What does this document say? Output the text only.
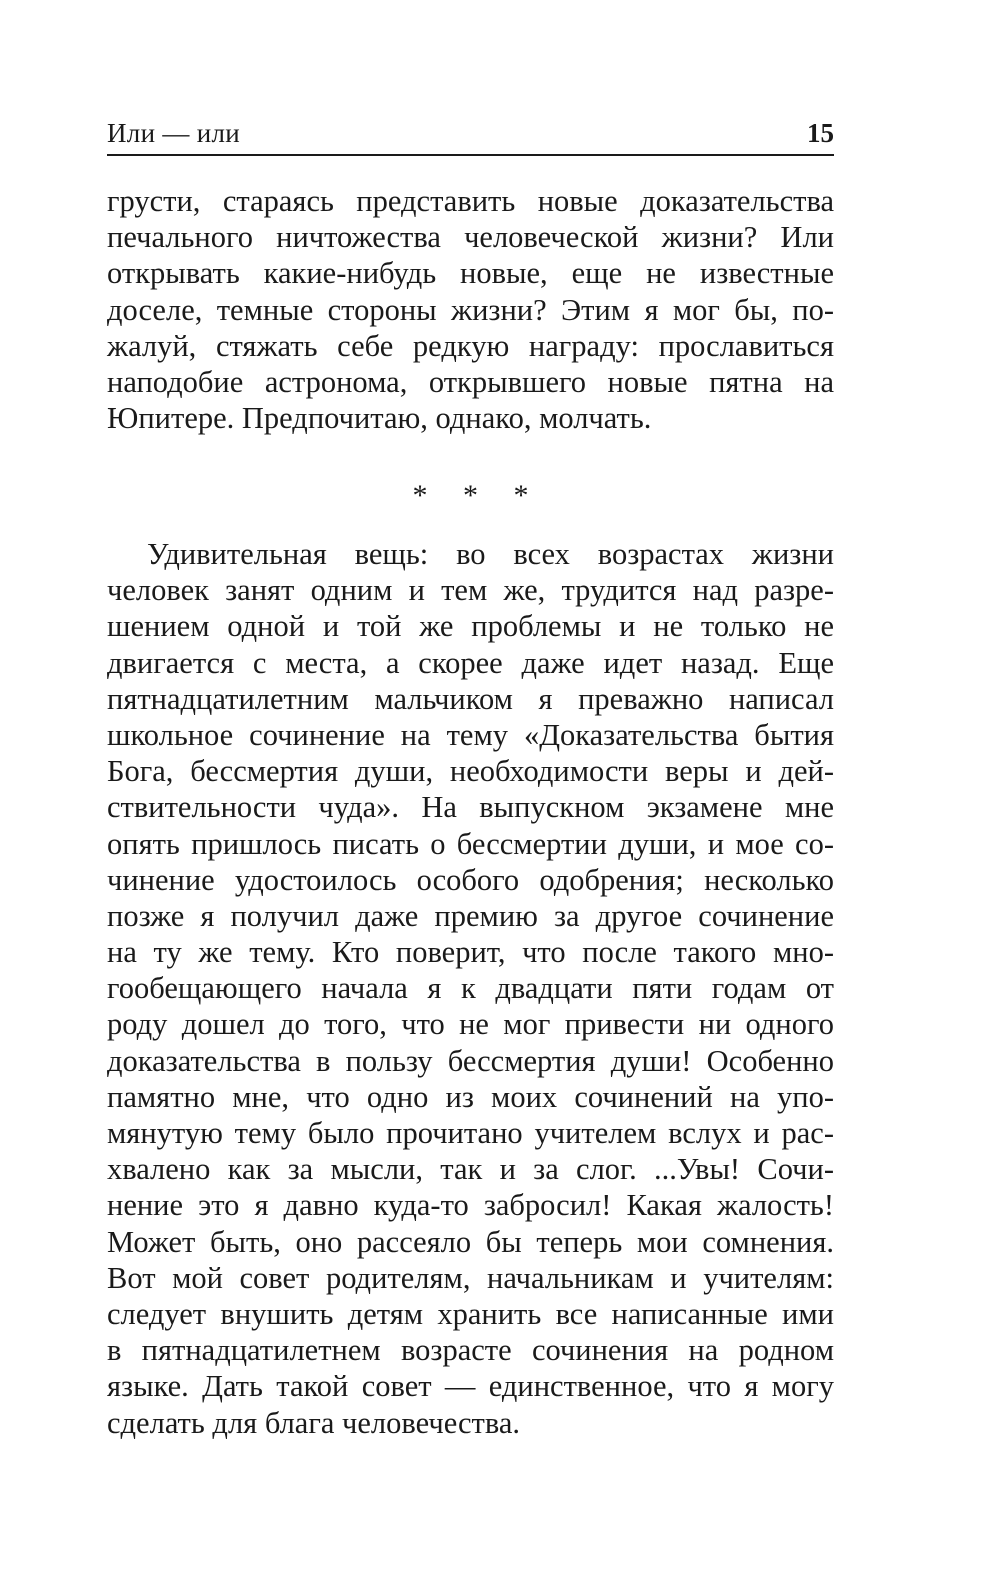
Или — или	15
грусти, стараясь представить новые доказательства
печального ничтожества человеческой жизни? Или
открывать какие-нибудь новые, еще не известные
доселе, темные стороны жизни? Этим я мог бы, по-
жалуй, стяжать себе редкую награду: прославиться
наподобие астронома, открывшего новые пятна на
Юпитере. Предпочитаю, однако, молчать.
* * *
Удивительная вещь: во всех возрастах жизни
человек занят одним и тем же, трудится над разре-
шением одной и той же проблемы и не только не
двигается с места, а скорее даже идет назад. Еще
пятнадцатилетним мальчиком я преважно написал
школьное сочинение на тему «Доказательства бытия
Бога, бессмертия души, необходимости веры и дей-
ствительности чуда». На выпускном экзамене мне
опять пришлось писать о бессмертии души, и мое со-
чинение удостоилось особого одобрения; несколько
позже я получил даже премию за другое сочинение
на ту же тему. Кто поверит, что после такого мно-
гообещающего начала я к двадцати пяти годам от
роду дошел до того, что не мог привести ни одного
доказательства в пользу бессмертия души! Особенно
памятно мне, что одно из моих сочинений на упо-
мянутую тему было прочитано учителем вслух и рас-
хвалено как за мысли, так и за слог. ...Увы! Сочи-
нение это я давно куда-то забросил! Какая жалость!
Может быть, оно рассеяло бы теперь мои сомнения.
Вот мой совет родителям, начальникам и учителям:
следует внушить детям хранить все написанные ими
в пятнадцатилетнем возрасте сочинения на родном
языке. Дать такой совет — единственное, что я могу
сделать для блага человечества.
